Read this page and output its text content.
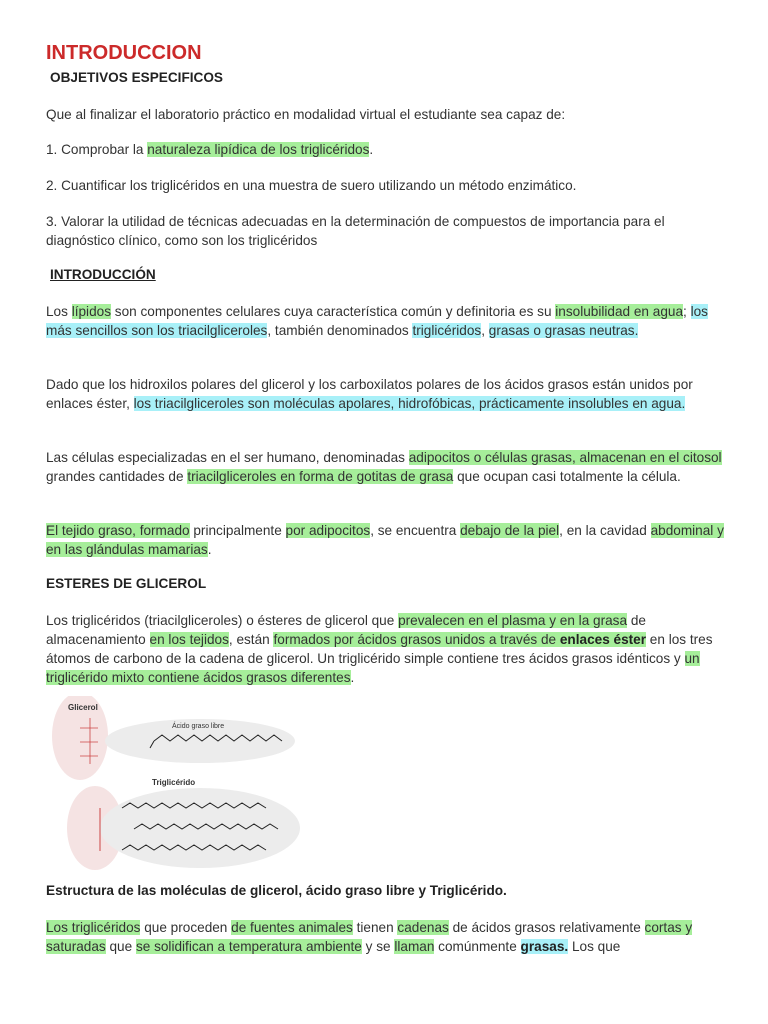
INTRODUCCION
OBJETIVOS ESPECIFICOS
Que al finalizar el laboratorio práctico en modalidad virtual el estudiante sea capaz de:
1. Comprobar la naturaleza lipídica de los triglicéridos.
2. Cuantificar los triglicéridos en una muestra de suero utilizando un método enzimático.
3. Valorar la utilidad de técnicas adecuadas en la determinación de compuestos de importancia para el diagnóstico clínico, como son los triglicéridos
INTRODUCCIÓN
Los lípidos son componentes celulares cuya característica común y definitoria es su insolubilidad en agua; los más sencillos son los triacilgliceroles, también denominados triglicéridos, grasas o grasas neutras.
Dado que los hidroxilos polares del glicerol y los carboxilatos polares de los ácidos grasos están unidos por enlaces éster, los triacilgliceroles son moléculas apolares, hidrofóbicas, prácticamente insolubles en agua.
Las células especializadas en el ser humano, denominadas adipocitos o células grasas, almacenan en el citosol grandes cantidades de triacilgliceroles en forma de gotitas de grasa que ocupan casi totalmente la célula.
El tejido graso, formado principalmente por adipocitos, se encuentra debajo de la piel, en la cavidad abdominal y en las glándulas mamarias.
ESTERES DE GLICEROL
Los triglicéridos (triacilgliceroles) o ésteres de glicerol que prevalecen en el plasma y en la grasa de almacenamiento en los tejidos, están formados por ácidos grasos unidos a través de enlaces éster en los tres átomos de carbono de la cadena de glicerol. Un triglicérido simple contiene tres ácidos grasos idénticos y un triglicérido mixto contiene ácidos grasos diferentes.
Glicerol
Ácido graso libre
Triglicérido
Estructura de las moléculas de glicerol, ácido graso libre y Triglicérido.
Los triglicéridos que proceden de fuentes animales tienen cadenas de ácidos grasos relativamente cortas y saturadas que se solidifican a temperatura ambiente y se llaman comúnmente grasas. Los que
